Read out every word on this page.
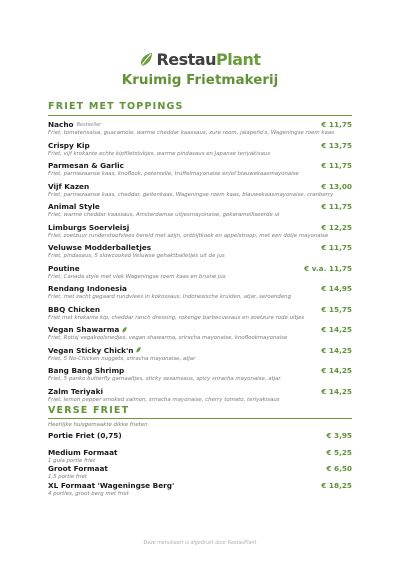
RestauPlant
Kruimig Frietmakerij
FRIET MET TOPPINGS
Nacho Bestseller	€ 11,75
Friet, tomatensalsa, guacamole, warme cheddar kaassaus, zure room, jalapeño's, Wageningse roem kaas
Crispy Kip	€ 13,75
Friet, vijf krokante echte kipfiletstukjes, warme pindasaus en Japanse teriyakisaus
Parmesan & Garlic	€ 11,75
Friet, parmezaanse kaas, knoflook, peterselie, truffelmayonaise en/of blauwekaasmayonaise
Vijf Kazen	€ 13,00
Friet, parmezaanse kaas, cheddar, geitenkaas, Wageningse roem kaas, blauwekaasmayonaise, cranberry
Animal Style	€ 11,75
Friet, warme cheddar kaassaus, Amsterdamse uitjesmayonaise, gekaramelliseerde ui
Limburgs Soervleisj	€ 12,25
Friet, zoetzuur runderstoofvlees bereid met azijn, ontbijtkoek en appelstroop, met een dotje mayonaise
Veluwse Modderballetjes	€ 11,75
Friet, pindasaus, 5 slowcooked Veluwse gehaktballetjes uit de jus
Poutine	€ v.a. 11,75
Friet, Canada style met vlek Wageningse roem kaas en bruine jus
Rendang Indonesia	€ 14,95
Friet, met zacht gegaard rundvlees in kokossaus, Indonesische kruiden, atjar, seroendeng
BBQ Chicken	€ 15,75
Friet met krokante kip, cheddar ranch dressing, rokerige barbecuesaus en zoetzure rode uitjes
Vegan Shawarma	€ 14,25
Friet, Rotisj vegakoolsnedjes, vegan shawarma, sriracha mayonaise, knoflookmayonaise
Vegan Sticky Chick'n	€ 14,25
Friet, 5 No-Chicken nuggets, sriracha mayonaise, atjar
Bang Bang Shrimp	€ 14,25
Friet, 5 panko butterfly garnaaltjes, sticky sesamsaus, spicy sriracha mayonaise, atjar
Zalm Teriyaki	€ 14,25
Friet, lemon pepper smoked salmon, sriracha mayonaise, cherry tomato, teriyakisaus
VERSE FRIET
Heerlijke huisgemaakte dikke frieten.
Portie Friet (0,75)	€ 3,95
Medium Formaat	€ 5,25
1 gula portie friet
Groot Formaat	€ 6,50
1,5 portie friet
XL Formaat 'Wageningse Berg'	€ 18,25
4 porties, groot berg met friet
Deze menukaart is afgedrukt door RestauPlant
